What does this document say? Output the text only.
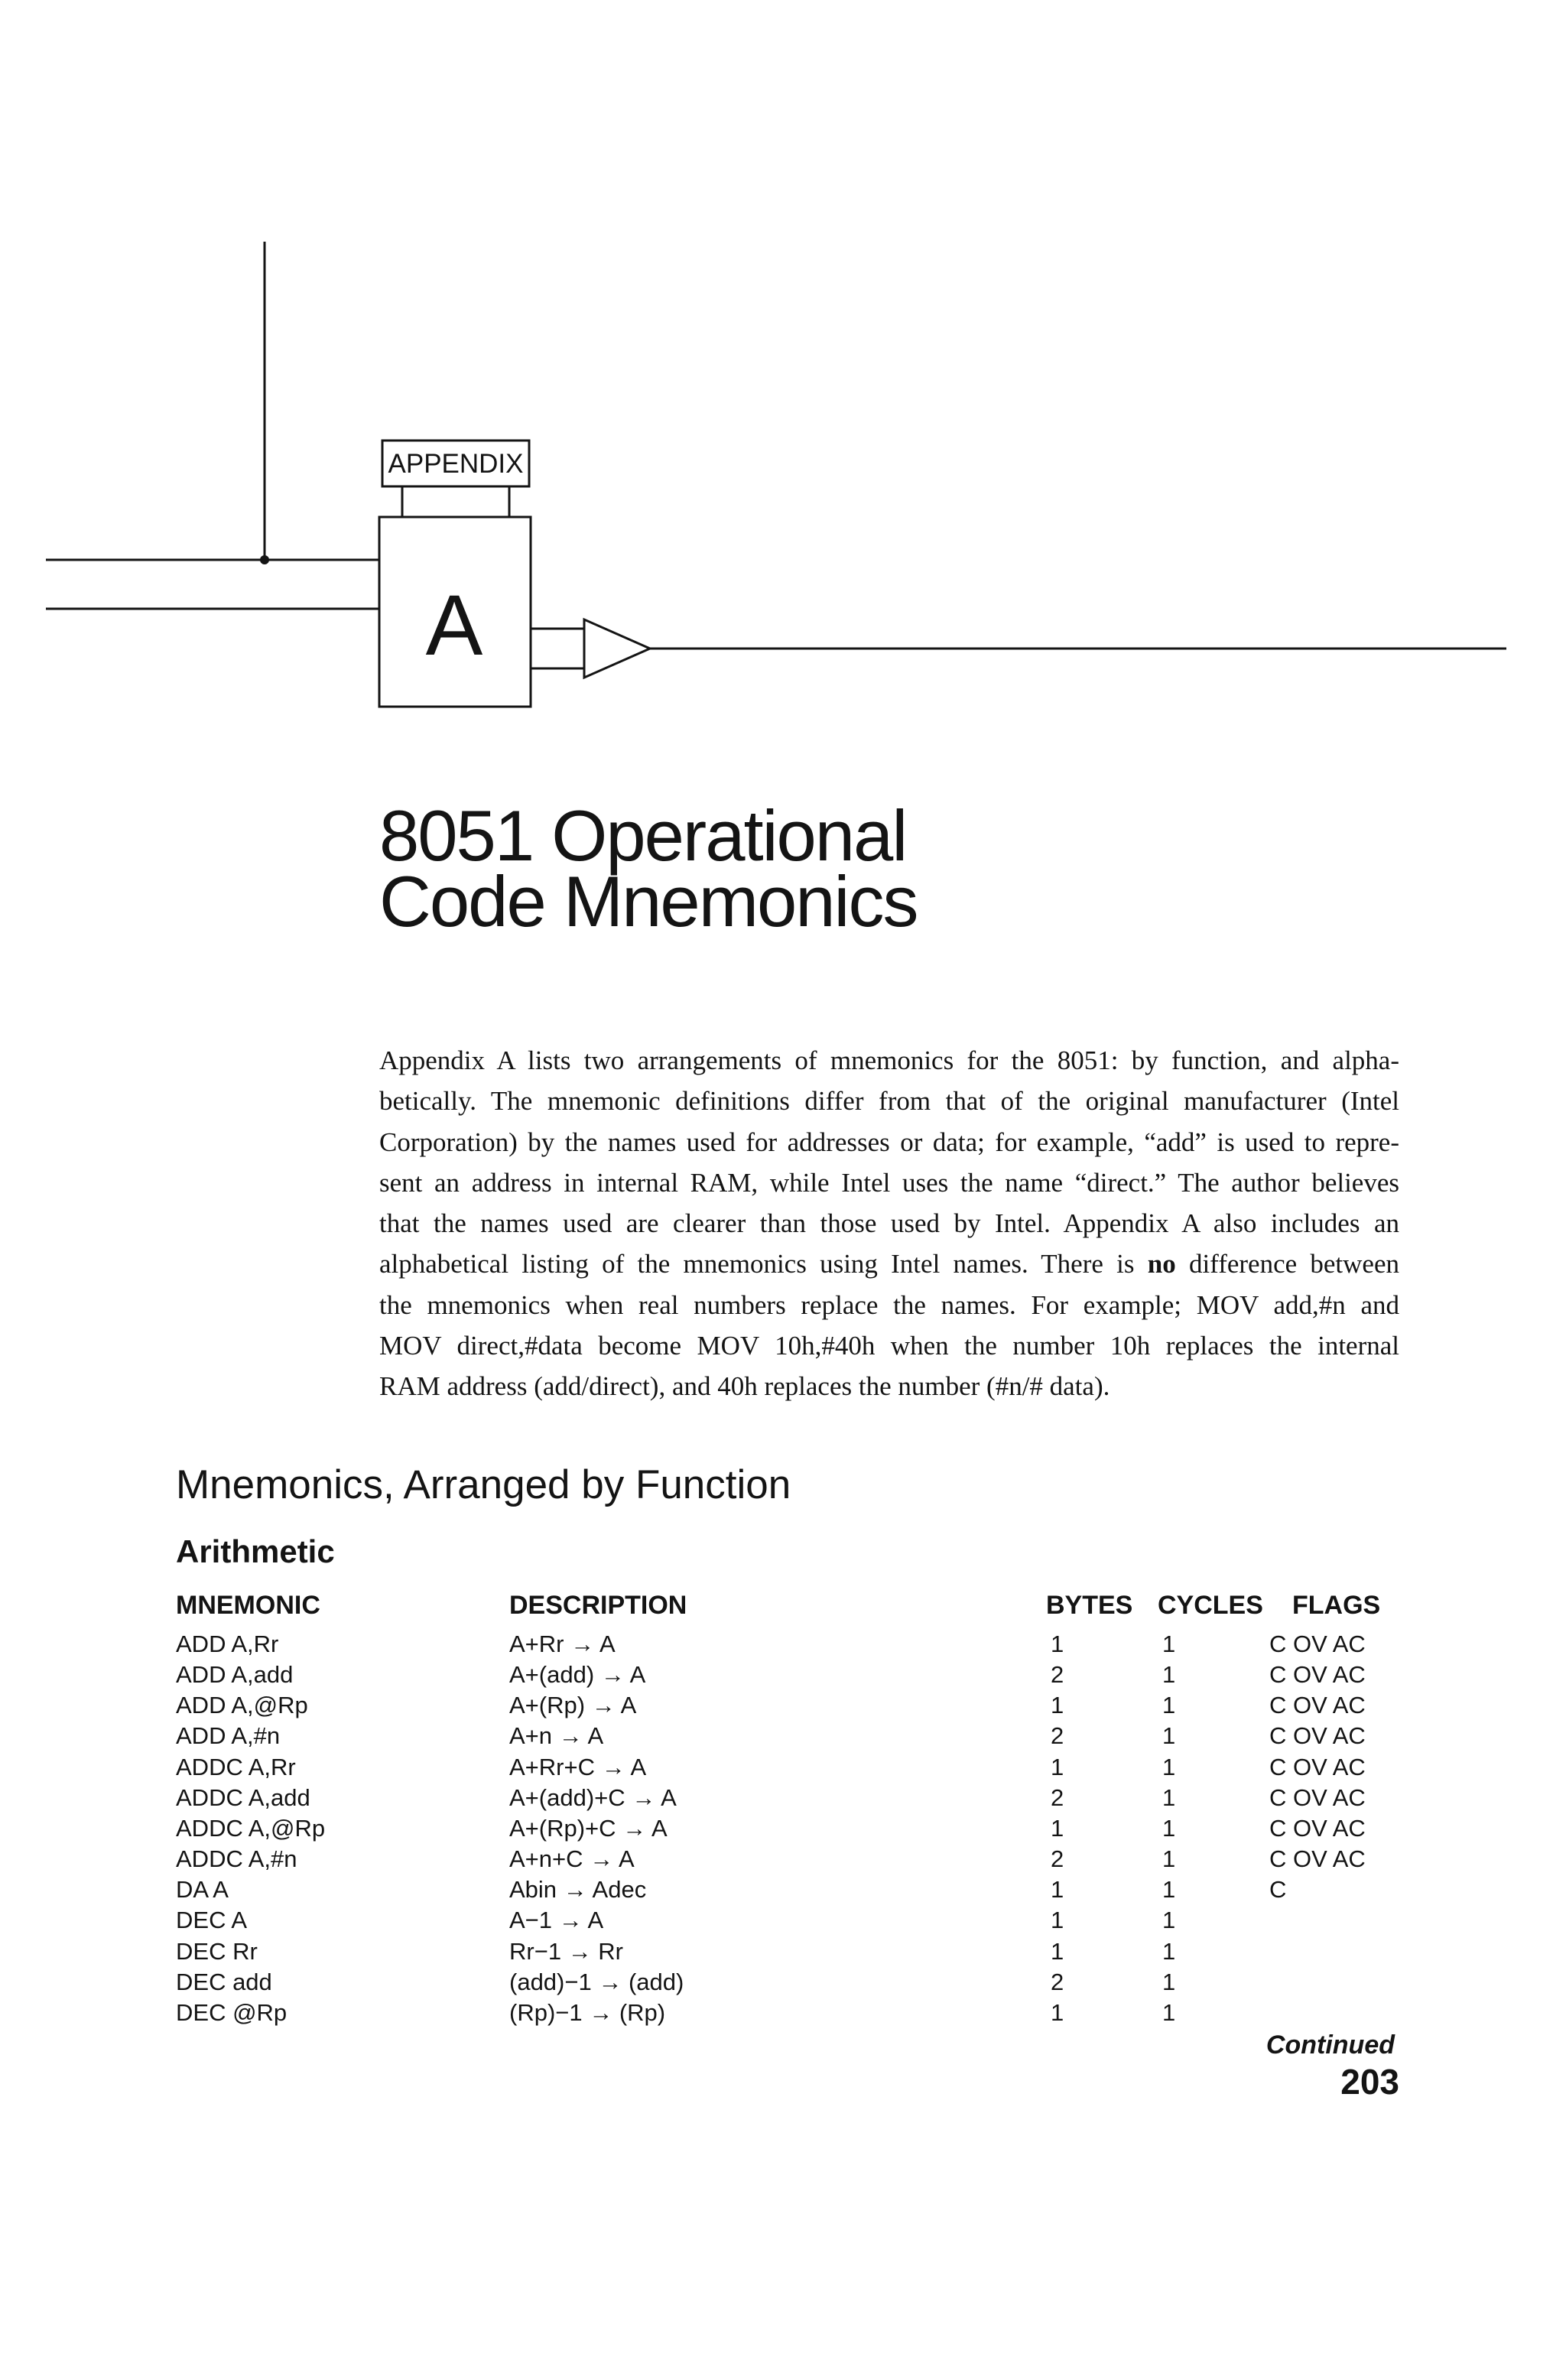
APPENDIX
A
8051 Operational
Code Mnemonics
Appendix A lists two arrangements of mnemonics for the 8051: by function, and alpha-
betically. The mnemonic definitions differ from that of the original manufacturer (Intel
Corporation) by the names used for addresses or data; for example, “add” is used to repre-
sent an address in internal RAM, while Intel uses the name “direct.” The author believes
that the names used are clearer than those used by Intel. Appendix A also includes an
alphabetical listing of the mnemonics using Intel names. There is no difference between
the mnemonics when real numbers replace the names. For example; MOV add,#n and
MOV direct,#data become MOV 10h,#40h when the number 10h replaces the internal
RAM address (add/direct), and 40h replaces the number (#n/# data).
Mnemonics, Arranged by Function
Arithmetic
MNEMONIC	DESCRIPTION	BYTES CYCLES FLAGS
ADD A,Rr	A+Rr → A	1	1	C OV AC
ADD A,add	A+(add) → A	2	1	C OV AC
ADD A,@Rp	A+(Rp) → A	1	1	C OV AC
ADD A,#n	A+n → A	2	1	C OV AC
ADDC A,Rr	A+Rr+C → A	1	1	C OV AC
ADDC A,add	A+(add)+C → A	2	1	C OV AC
ADDC A,@Rp	A+(Rp)+C → A	1	1	C OV AC
ADDC A,#n	A+n+C → A	2	1	C OV AC
DA A	Abin → Adec	1	1	C
DEC A	A−1 → A	1	1
DEC Rr	Rr−1 → Rr	1	1
DEC add	(add)−1 → (add)	2	1
DEC @Rp	(Rp)−1 → (Rp)	1	1
Continued
203
